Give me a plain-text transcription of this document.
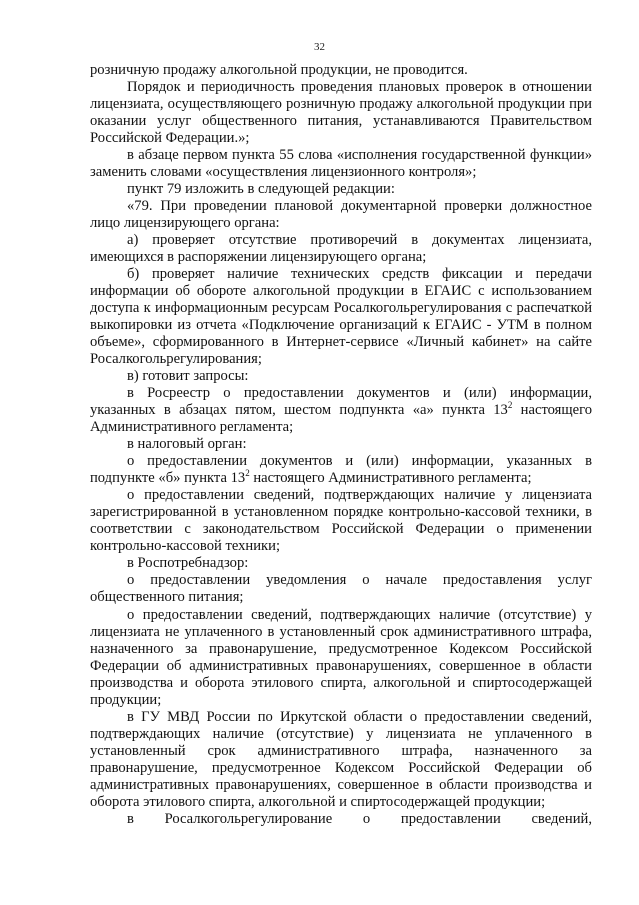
32

розничную продажу алкогольной продукции, не проводится.

Порядок и периодичность проведения плановых проверок в отношении лицензиата, осуществляющего розничную продажу алкогольной продукции при оказании услуг общественного питания, устанавливаются Правительством Российской Федерации.»;

в абзаце первом пункта 55 слова «исполнения государственной функции» заменить словами «осуществления лицензионного контроля»;

пункт 79 изложить в следующей редакции:

«79. При проведении плановой документарной проверки должностное лицо лицензирующего органа:

а) проверяет отсутствие противоречий в документах лицензиата, имеющихся в распоряжении лицензирующего органа;

б) проверяет наличие технических средств фиксации и передачи информации об обороте алкогольной продукции в ЕГАИС с использованием доступа к информационным ресурсам Росалкогольрегулирования с распечаткой выкопировки из отчета «Подключение организаций к ЕГАИС - УТМ в полном объеме», сформированного в Интернет-сервисе «Личный кабинет» на сайте Росалкогольрегулирования;

в) готовит запросы:

в Росреестр о предоставлении документов и (или) информации, указанных в абзацах пятом, шестом подпункта «а» пункта $13^2$ настоящего Административного регламента;

в налоговый орган:

о предоставлении документов и (или) информации, указанных в подпункте «б» пункта $13^2$ настоящего Административного регламента;

о предоставлении сведений, подтверждающих наличие у лицензиата зарегистрированной в установленном порядке контрольно-кассовой техники, в соответствии с законодательством Российской Федерации о применении контрольно-кассовой техники;

в Роспотребнадзор:

о предоставлении уведомления о начале предоставления услуг общественного питания;

о предоставлении сведений, подтверждающих наличие (отсутствие) у лицензиата не уплаченного в установленный срок административного штрафа, назначенного за правонарушение, предусмотренное Кодексом Российской Федерации об административных правонарушениях, совершенное в области производства и оборота этилового спирта, алкогольной и спиртосодержащей продукции;

в ГУ МВД России по Иркутской области о предоставлении сведений, подтверждающих наличие (отсутствие) у лицензиата не уплаченного в установленный срок административного штрафа, назначенного за правонарушение, предусмотренное Кодексом Российской Федерации об административных правонарушениях, совершенное в области производства и оборота этилового спирта, алкогольной и спиртосодержащей продукции;

в Росалкогольрегулирование о предоставлении сведений,
